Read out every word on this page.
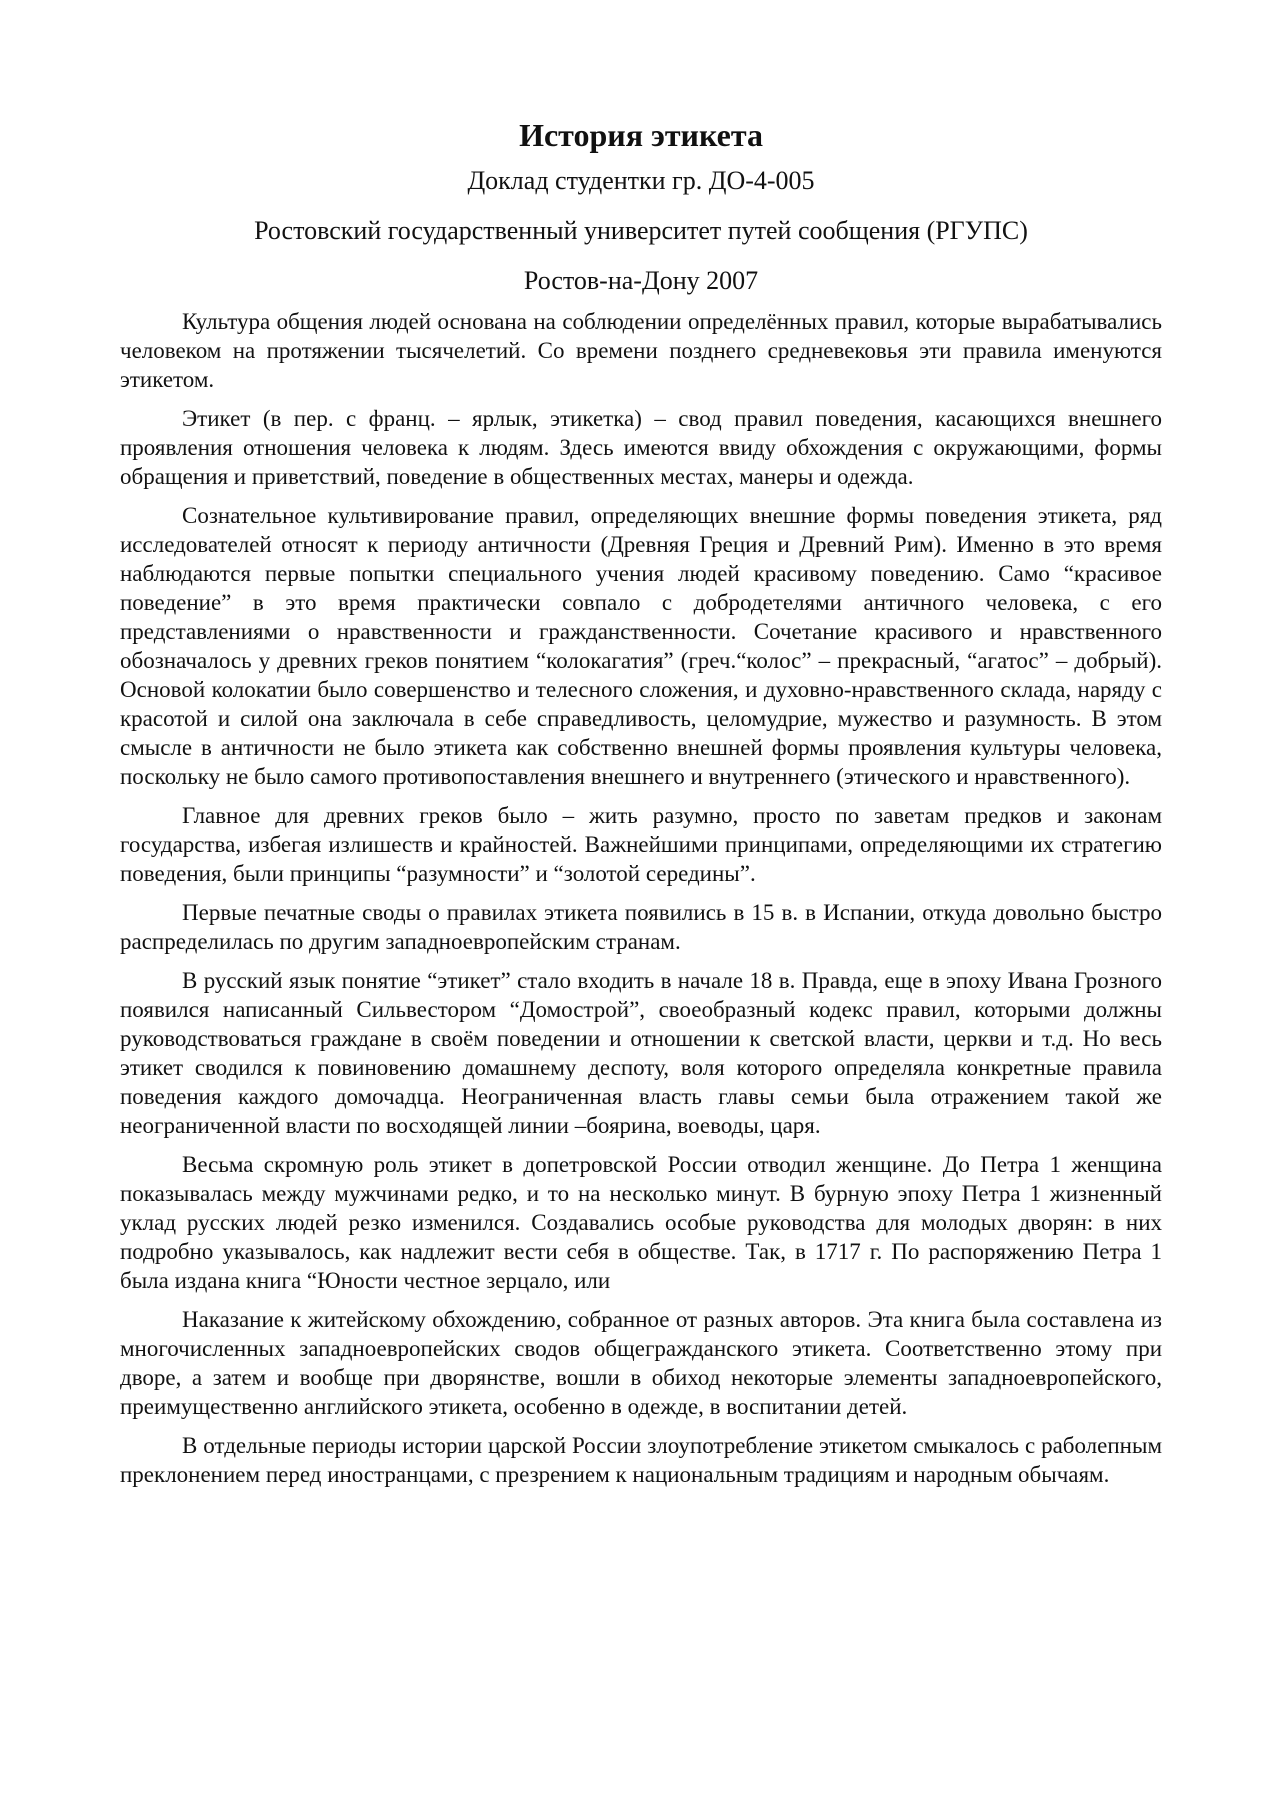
История этикета

Доклад студентки гр. ДО-4-005

Ростовский государственный университет путей сообщения (РГУПС)

Ростов-на-Дону 2007

Культура общения людей основана на соблюдении определённых правил, которые вырабатывались человеком на протяжении тысячелетий. Со времени позднего средневековья эти правила именуются этикетом.

Этикет (в пер. с франц. – ярлык, этикетка) – свод правил поведения, касающихся внешнего проявления отношения человека к людям. Здесь имеются ввиду обхождения с окружающими, формы обращения и приветствий, поведение в общественных местах, манеры и одежда.

Сознательное культивирование правил, определяющих внешние формы поведения этикета, ряд исследователей относят к периоду античности (Древняя Греция и Древний Рим). Именно в это время наблюдаются первые попытки специального учения людей красивому поведению. Само “красивое поведение” в это время практически совпало с добродетелями античного человека, с его представлениями о нравственности и гражданственности. Сочетание красивого и нравственного обозначалось у древних греков понятием “колокагатия” (греч.“колос” – прекрасный, “агатос” – добрый). Основой колокатии было совершенство и телесного сложения, и духовно-нравственного склада, наряду с красотой и силой она заключала в себе справедливость, целомудрие, мужество и разумность. В этом смысле в античности не было этикета как собственно внешней формы проявления культуры человека, поскольку не было самого противопоставления внешнего и внутреннего (этического и нравственного).

Главное для древних греков было – жить разумно, просто по заветам предков и законам государства, избегая излишеств и крайностей. Важнейшими принципами, определяющими их стратегию поведения, были принципы “разумности” и “золотой середины”.

Первые печатные своды о правилах этикета появились в 15 в. в Испании, откуда довольно быстро распределилась по другим западноевропейским странам.

В русский язык понятие “этикет” стало входить в начале 18 в. Правда, еще в эпоху Ивана Грозного появился написанный Сильвестором “Домострой”, своеобразный кодекс правил, которыми должны руководствоваться граждане в своём поведении и отношении к светской власти, церкви и т.д. Но весь этикет сводился к повиновению домашнему деспоту, воля которого определяла конкретные правила поведения каждого домочадца. Неограниченная власть главы семьи была отражением такой же неограниченной власти по восходящей линии –боярина, воеводы, царя.

Весьма скромную роль этикет в допетровской России отводил женщине. До Петра 1 женщина показывалась между мужчинами редко, и то на несколько минут. В бурную эпоху Петра 1 жизненный уклад русских людей резко изменился. Создавались особые руководства для молодых дворян: в них подробно указывалось, как надлежит вести себя в обществе. Так, в 1717 г. По распоряжению Петра 1 была издана книга “Юности честное зерцало, или

Наказание к житейскому обхождению, собранное от разных авторов. Эта книга была составлена из многочисленных западноевропейских сводов общегражданского этикета. Соответственно этому при дворе, а затем и вообще при дворянстве, вошли в обиход некоторые элементы западноевропейского, преимущественно английского этикета, особенно в одежде, в воспитании детей.

В отдельные периоды истории царской России злоупотребление этикетом смыкалось с раболепным преклонением перед иностранцами, с презрением к национальным традициям и народным обычаям.
